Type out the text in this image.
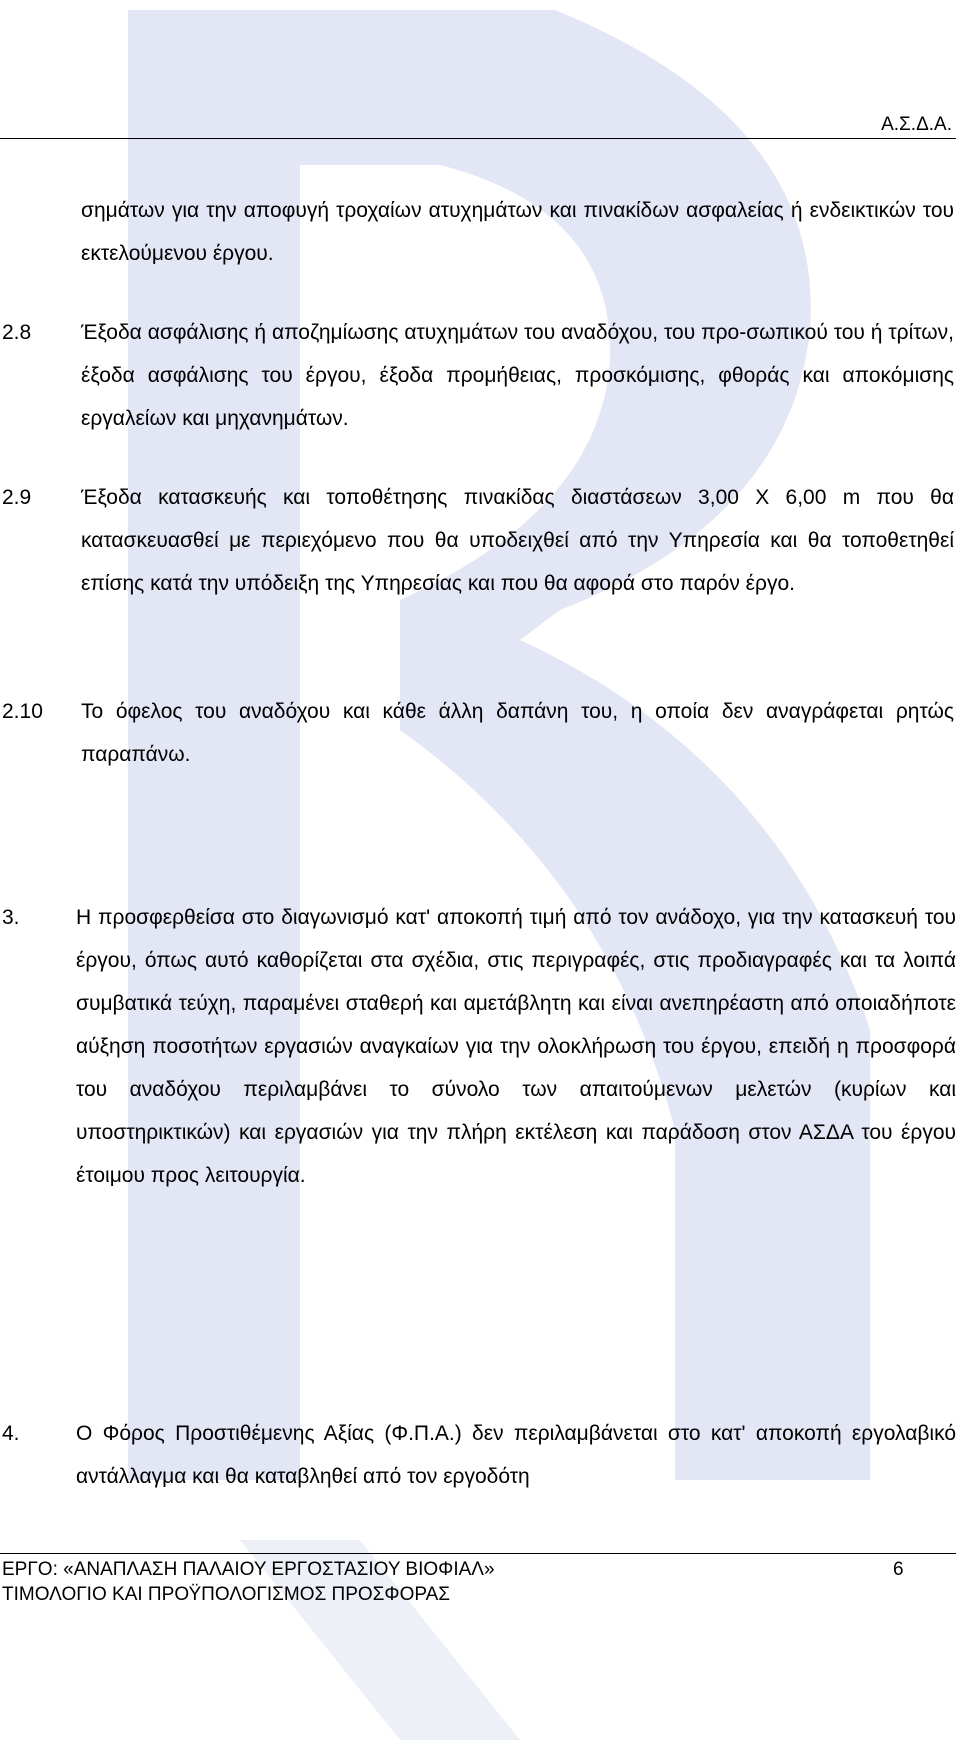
Α.Σ.Δ.Α.
σημάτων για την αποφυγή τροχαίων ατυχημάτων και πινακίδων ασφαλείας ή ενδεικτικών του εκτελούμενου έργου.
2.8 Έξοδα ασφάλισης ή αποζημίωσης ατυχημάτων του αναδόχου, του προ-σωπικού του ή τρίτων, έξοδα ασφάλισης του έργου, έξοδα προμήθειας, προσκόμισης, φθοράς και αποκόμισης εργαλείων και μηχανημάτων.
2.9 Έξοδα κατασκευής και τοποθέτησης πινακίδας διαστάσεων 3,00 Χ 6,00 m που θα κατασκευασθεί με περιεχόμενο που θα υποδειχθεί από την Υπηρεσία και θα τοποθετηθεί επίσης κατά την υπόδειξη της Υπηρεσίας και που θα αφορά στο παρόν έργο.
2.10 Το όφελος του αναδόχου και κάθε άλλη δαπάνη του, η οποία δεν αναγράφεται ρητώς παραπάνω.
3.	Η προσφερθείσα στο διαγωνισμό κατ' αποκοπή τιμή από τον ανάδοχο, για την κατασκευή του έργου, όπως αυτό καθορίζεται στα σχέδια, στις περιγραφές, στις προδιαγραφές και τα λοιπά συμβατικά τεύχη, παραμένει σταθερή και αμετάβλητη και είναι ανεπηρέαστη από οποιαδήποτε αύξηση ποσοτήτων εργασιών αναγκαίων για την ολοκλήρωση του έργου, επειδή η προσφορά του αναδόχου περιλαμβάνει το σύνολο των απαιτούμενων μελετών (κυρίων και υποστηρικτικών) και εργασιών για την πλήρη εκτέλεση και παράδοση στον ΑΣΔΑ του έργου έτοιμου προς λειτουργία.
4.	Ο Φόρος Προστιθέμενης Αξίας (Φ.Π.Α.) δεν περιλαμβάνεται στο κατ' αποκοπή εργολαβικό αντάλλαγμα και θα καταβληθεί από τον εργοδότη
ΕΡΓΟ: «ΑΝΑΠΛΑΣΗ ΠΑΛΑΙΟΥ ΕΡΓΟΣΤΑΣΙΟΥ ΒΙΟΦΙΑΛ»
ΤΙΜΟΛΟΓΙΟ ΚΑΙ ΠΡΟΫΠΟΛΟΓΙΣΜΟΣ ΠΡΟΣΦΟΡΑΣ
6
